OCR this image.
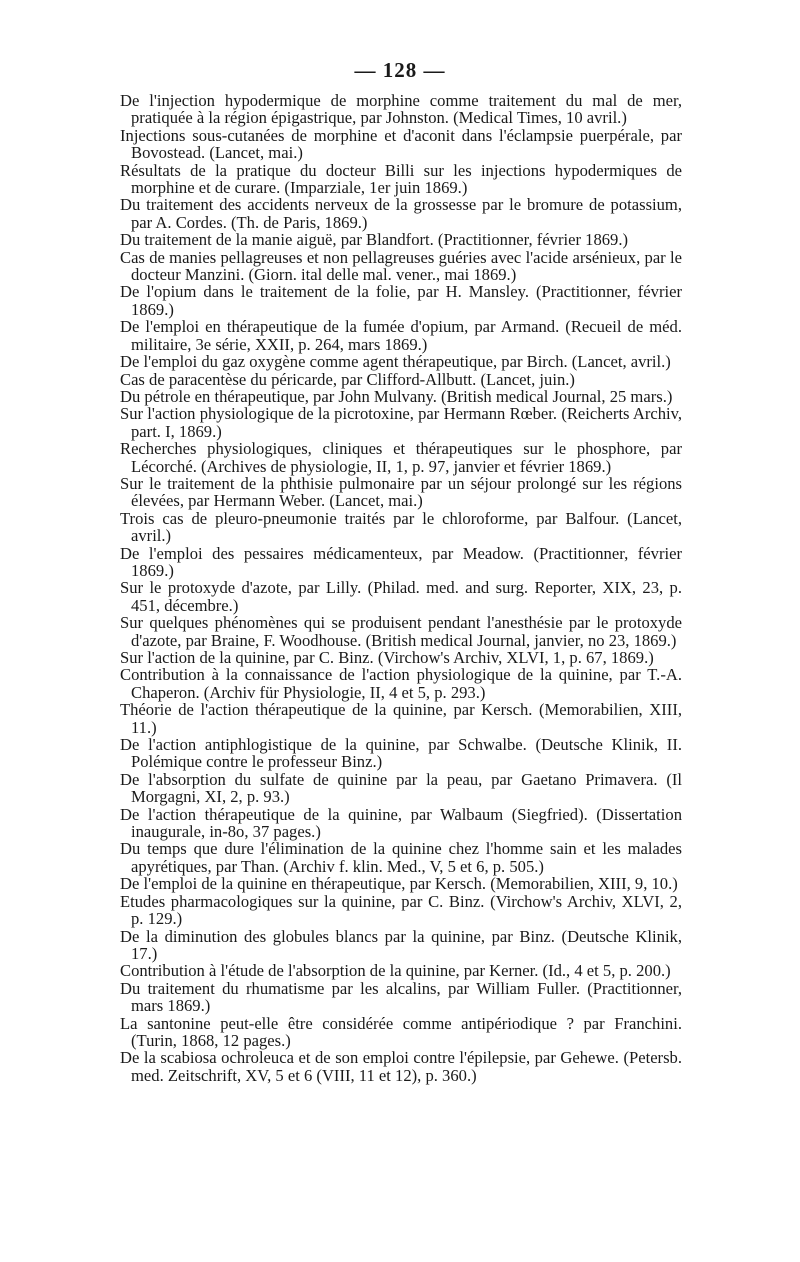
— 128 —
De l'injection hypodermique de morphine comme traitement du mal de mer, pratiquée à la région épigastrique, par Johnston. (Medical Times, 10 avril.)
Injections sous-cutanées de morphine et d'aconit dans l'éclampsie puerpérale, par Bovostead. (Lancet, mai.)
Résultats de la pratique du docteur Billi sur les injections hypodermiques de morphine et de curare. (Imparziale, 1er juin 1869.)
Du traitement des accidents nerveux de la grossesse par le bromure de potassium, par A. Cordes. (Th. de Paris, 1869.)
Du traitement de la manie aiguë, par Blandfort. (Practitionner, février 1869.)
Cas de manies pellagreuses et non pellagreuses guéries avec l'acide arsénieux, par le docteur Manzini. (Giorn. ital delle mal. vener., mai 1869.)
De l'opium dans le traitement de la folie, par H. Mansley. (Practitionner, février 1869.)
De l'emploi en thérapeutique de la fumée d'opium, par Armand. (Recueil de méd. militaire, 3e série, XXII, p. 264, mars 1869.)
De l'emploi du gaz oxygène comme agent thérapeutique, par Birch. (Lancet, avril.)
Cas de paracentèse du péricarde, par Clifford-Allbutt. (Lancet, juin.)
Du pétrole en thérapeutique, par John Mulvany. (British medical Journal, 25 mars.)
Sur l'action physiologique de la picrotoxine, par Hermann Rœber. (Reicherts Archiv, part. I, 1869.)
Recherches physiologiques, cliniques et thérapeutiques sur le phosphore, par Lécorché. (Archives de physiologie, II, 1, p. 97, janvier et février 1869.)
Sur le traitement de la phthisie pulmonaire par un séjour prolongé sur les régions élevées, par Hermann Weber. (Lancet, mai.)
Trois cas de pleuro-pneumonie traités par le chloroforme, par Balfour. (Lancet, avril.)
De l'emploi des pessaires médicamenteux, par Meadow. (Practitionner, février 1869.)
Sur le protoxyde d'azote, par Lilly. (Philad. med. and surg. Reporter, XIX, 23, p. 451, décembre.)
Sur quelques phénomènes qui se produisent pendant l'anesthésie par le protoxyde d'azote, par Braine, F. Woodhouse. (British medical Journal, janvier, no 23, 1869.)
Sur l'action de la quinine, par C. Binz. (Virchow's Archiv, XLVI, 1, p. 67, 1869.)
Contribution à la connaissance de l'action physiologique de la quinine, par T.-A. Chaperon. (Archiv für Physiologie, II, 4 et 5, p. 293.)
Théorie de l'action thérapeutique de la quinine, par Kersch. (Memorabilien, XIII, 11.)
De l'action antiphlogistique de la quinine, par Schwalbe. (Deutsche Klinik, II. Polémique contre le professeur Binz.)
De l'absorption du sulfate de quinine par la peau, par Gaetano Primavera. (Il Morgagni, XI, 2, p. 93.)
De l'action thérapeutique de la quinine, par Walbaum (Siegfried). (Dissertation inaugurale, in-8o, 37 pages.)
Du temps que dure l'élimination de la quinine chez l'homme sain et les malades apyrétiques, par Than. (Archiv f. klin. Med., V, 5 et 6, p. 505.)
De l'emploi de la quinine en thérapeutique, par Kersch. (Memorabilien, XIII, 9, 10.)
Etudes pharmacologiques sur la quinine, par C. Binz. (Virchow's Archiv, XLVI, 2, p. 129.)
De la diminution des globules blancs par la quinine, par Binz. (Deutsche Klinik, 17.)
Contribution à l'étude de l'absorption de la quinine, par Kerner. (Id., 4 et 5, p. 200.)
Du traitement du rhumatisme par les alcalins, par William Fuller. (Practitionner, mars 1869.)
La santonine peut-elle être considérée comme antipériodique ? par Franchini. (Turin, 1868, 12 pages.)
De la scabiosa ochroleuca et de son emploi contre l'épilepsie, par Gehewe. (Petersb. med. Zeitschrift, XV, 5 et 6 (VIII, 11 et 12), p. 360.)
